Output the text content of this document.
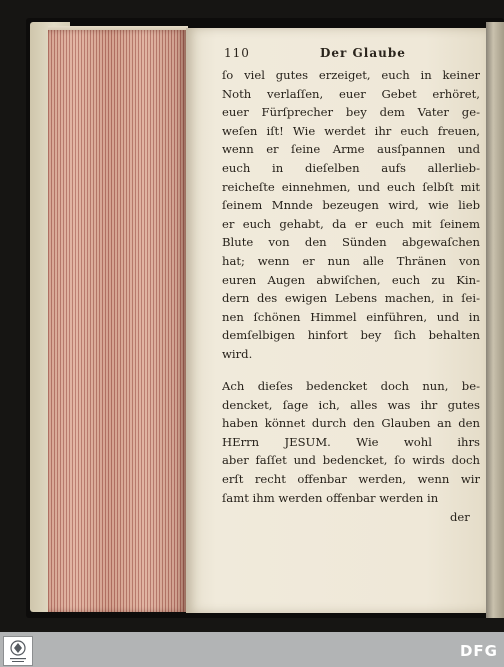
110	Der Glaube
ſo viel gutes erzeiget, euch in keiner
Noth verlaſſen, euer Gebet erhöret,
euer Fürſprecher bey dem Vater ge-
weſen iſt! Wie werdet ihr euch freuen,
wenn er ſeine Arme ausſpannen und
euch in dieſelben aufs allerlieb-
reicheſte einnehmen, und euch ſelbſt mit
ſeinem Mnnde bezeugen wird, wie lieb
er euch gehabt, da er euch mit ſeinem
Blute von den Sünden abgewaſchen
hat; wenn er nun alle Thränen von
euren Augen abwiſchen, euch zu Kin-
dern des ewigen Lebens machen, in ſei-
nen ſchönen Himmel einführen, und in
demſelbigen hinfort bey ſich behalten
wird.
Ach dieſes bedencket doch nun, be-
dencket, ſage ich, alles was ihr gutes
haben könnet durch den Glauben an den
HErrn JESUM. Wie wohl ihrs
aber faſſet und bedencket, ſo wirds doch
erſt recht offenbar werden, wenn wir
ſamt ihm werden offenbar werden in
der
DFG
